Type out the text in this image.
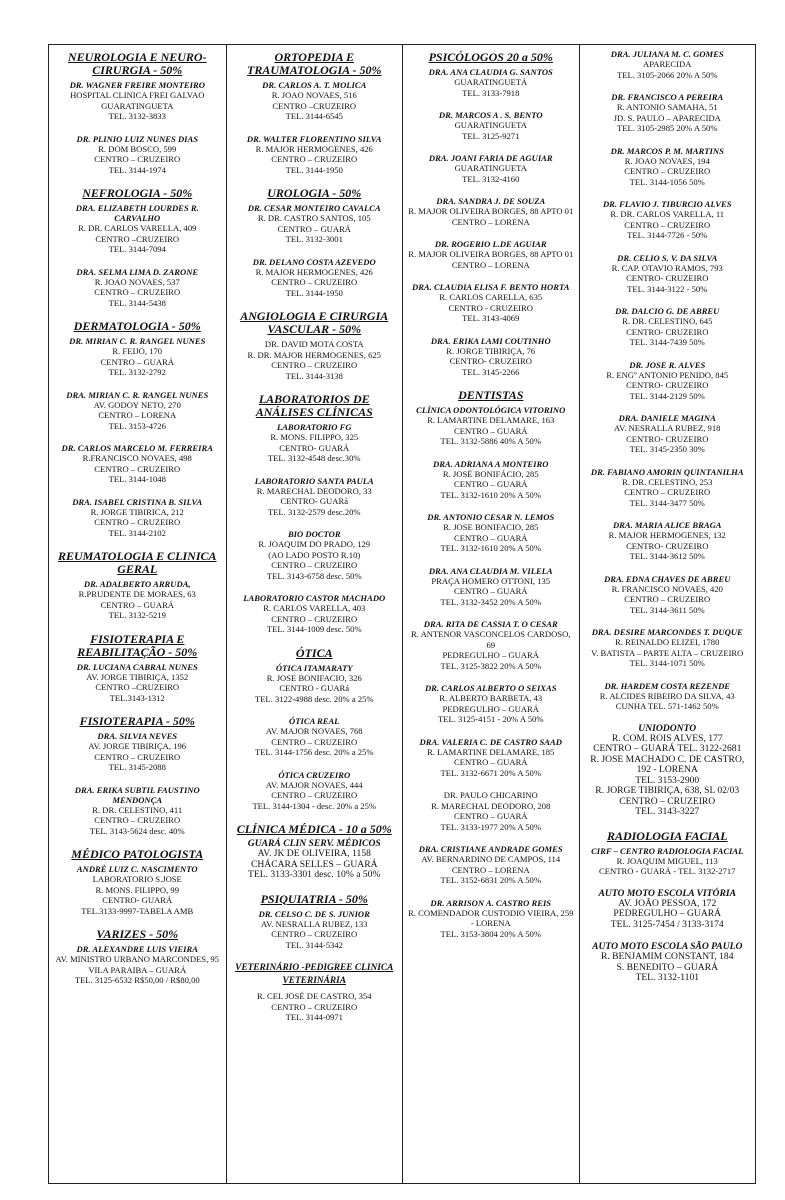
NEUROLOGIA E NEURO-CIRURGIA - 50%
DR. WAGNER FREIRE MONTEIRO
HOSPITAL CLINICA FREI GALVAO
GUARATINGUETA
TEL. 3132-3833
DR. PLINIO LUIZ NUNES DIAS
R. DOM BOSCO, 599
CENTRO – CRUZEIRO
TEL. 3144-1974
NEFROLOGIA - 50%
DRA. ELIZABETH LOURDES R. CARVALHO
R. DR. CARLOS VARELLA, 409
CENTRO –CRUZEIRO
TEL. 3144-7094
DRA. SELMA LIMA D. ZARONE
R. JOAO NOVAES, 537
CENTRO – CRUZEIRO
TEL. 3144-5438
DERMATOLOGIA - 50%
DR. MIRIAN C. R. RANGEL NUNES
R. FEIJO, 170
CENTRO – GUARÁ
TEL. 3132-2792
DRA. MIRIAN C. R. RANGEL NUNES
AV. GODOY NETO, 270
CENTRO – LORENA
TEL. 3153-4726
DR. CARLOS MARCELO M. FERREIRA
R.FRANCISCO NOVAES, 498
CENTRO – CRUZEIRO
TEL. 3144-1048
DRA. ISABEL CRISTINA B. SILVA
R. JORGE TIBIRICA, 212
CENTRO – CRUZEIRO
TEL. 3144-2102
REUMATOLOGIA E CLINICA GERAL
DR. ADALBERTO ARRUDA,
R.PRUDENTE DE MORAES, 63
CENTRO – GUARÁ
TEL. 3132-5219
FISIOTERAPIA E REABILITAÇÃO - 50%
DR. LUCIANA CABRAL NUNES
AV. JORGE TIBIRIÇA, 1352
CENTRO –CRUZEIRO
TEL.3143-1312
FISIOTERAPIA - 50%
DRA. SILVIA NEVES
AV. JORGE TIBIRIÇA, 196
CENTRO – CRUZEIRO
TEL. 3145-2088
DRA. ERIKA SUBTIL FAUSTINO MENDONÇA
R. DR. CELESTINO, 411
CENTRO – CRUZEIRO
TEL. 3143-5624 desc. 40%
MÉDICO PATOLOGISTA
ANDRÉ LUIZ C. NASCIMENTO
LABORATORIO S.JOSE
R. MONS. FILIPPO, 99
CENTRO- GUARÁ
TEL.3133-9997-TABELA AMB
VARIZES - 50%
DR. ALEXANDRE LUIS VIEIRA
AV. MINISTRO URBANO MARCONDES, 95
VILA PARAIBA – GUARÁ
TEL. 3125-6532 R$50,00 / R$80,00
ORTOPEDIA E TRAUMATOLOGIA - 50%
DR. CARLOS A. T. MOLICA
R. JOAO NOVAES, 516
CENTRO –CRUZEIRO
TEL. 3144-6545
DR. WALTER FLORENTINO SILVA
R. MAJOR HERMOGENES, 426
CENTRO – CRUZEIRO
TEL. 3144-1950
UROLOGIA - 50%
DR. CESAR MONTEIRO CAVALCA
R. DR. CASTRO SANTOS, 105
CENTRO – GUARÁ
TEL. 3132-3001
DR. DELANO COSTA AZEVEDO
R. MAJOR HERMOGENES, 426
CENTRO – CRUZEIRO
TEL. 3144-1950
ANGIOLOGIA E CIRURGIA VASCULAR - 50%
DR. DAVID MOTA COSTA
R. DR. MAJOR HERMOGENES, 625
CENTRO – CRUZEIRO
TEL. 3144-3138
LABORATORIOS DE ANÁLISES CLÍNICAS
LABORATORIO FG
R. MONS. FILIPPO, 325
CENTRO- GUARÁ
TEL. 3132-4548 desc.30%
LABORATORIO SANTA PAULA
R. MARECHAL DEODORO, 33
CENTRO- GUARá
TEL. 3132-2579 desc.20%
BIO DOCTOR
R. JOAQUIM DO PRADO, 129
(AO LADO POSTO R.10)
CENTRO – CRUZEIRO
TEL. 3143-6758 desc. 50%
LABORATORIO CASTOR MACHADO
R. CARLOS VARELLA, 403
CENTRO – CRUZEIRO
TEL. 3144-1009 desc. 50%
ÓTICA
ÓTICA ITAMARATY
R. JOSE BONIFACIO, 326
CENTRO - GUARá
TEL. 3122-4988 desc. 20% a 25%
ÓTICA REAL
AV. MAJOR NOVAES, 768
CENTRO – CRUZEIRO
TEL. 3144-1756 desc. 20% a 25%
ÓTICA CRUZEIRO
AV. MAJOR NOVAES, 444
CENTRO – CRUZEIRO
TEL. 3144-1304 - desc. 20% a 25%
CLÍNICA MÉDICA - 10 a 50%
GUARÁ CLIN SERV. MÉDICOS
AV. JK DE OLIVEIRA, 1158
CHÁCARA SELLES – GUARÁ
TEL. 3133-3301 desc. 10% a 50%
PSIQUIATRIA - 50%
DR. CELSO C. DE S. JUNIOR
AV. NESRALLA RUBEZ, 133
CENTRO – CRUZEIRO
TEL. 3144-5342
VETERINÁRIO -PEDIGREE CLINICA VETERINÁRIA
R. CEL JOSÉ DE CASTRO, 354
CENTRO – CRUZEIRO
TEL. 3144-0971
PSICÓLOGOS 20 a 50%
DRA. ANA CLAUDIA G. SANTOS
GUARATINGUETÁ
TEL. 3133-7918
DR. MARCOS A . S. BENTO
GUARATINGUETA
TEL. 3125-9271
DRA. JOANI FARIA DE AGUIAR
GUARATINGUETA
TEL. 3132-4160
DRA. SANDRA J. DE SOUZA
R. MAJOR OLIVEIRA BORGES, 88 APTO 01
CENTRO – LORENA
DR. ROGERIO L.DE AGUIAR
R. MAJOR OLIVEIRA BORGES, 88 APTO 01
CENTRO – LORENA
DRA. CLAUDIA ELISA F. BENTO HORTA
R. CARLOS CARELLA, 635
CENTRO - CRUZEIRO
TEL. 3143-4069
DRA. ERIKA LAMI COUTINHO
R. JORGE TIBIRIÇA, 76
CENTRO- CRUZEIRO
TEL. 3145-2266
DENTISTAS
CLÍNICA ODONTOLÓGICA VITORINO
R. LAMARTINE DELAMARE, 163
CENTRO – GUARÁ
TEL. 3132-5886 40% A 50%
DRA. ADRIANA A MONTEIRO
R. JOSÉ BONIFÁCIO, 285
CENTRO – GUARÁ
TEL. 3132-1610 20% A 50%
DR. ANTONIO CESAR N. LEMOS
R. JOSE BONIFACIO, 285
CENTRO – GUARÁ
TEL. 3132-1610 20% A 50%
DRA. ANA CLAUDIA M. VILELA
PRAÇA HOMERO OTTONI, 135
CENTRO – GUARÁ
TEL. 3132-3452 20% A 50%
DRA. RITA DE CASSIA T. O CESAR
R. ANTENOR VASCONCELOS CARDOSO, 69
PEDREGULHO – GUARÁ
TEL. 3125-3822 20% A 50%
DR. CARLOS ALBERTO O SEIXAS
R. ALBERTO BARBETA, 43
PEDREGULHO – GUARÁ
TEL. 3125-4151 - 20% A 50%
DRA. VALERIA C. DE CASTRO SAAD
R. LAMARTINE DELAMARE, 185
CENTRO – GUARÁ
TEL. 3132-6671 20% A 50%
DR. PAULO CHICARINO
R. MARECHAL DEODORO, 208
CENTRO – GUARÁ
TEL. 3133-1977 20% A 50%
DRA. CRISTIANE ANDRADE GOMES
AV. BERNARDINO DE CAMPOS, 114
CENTRO – LORENA
TEL. 3152-6831 20% A 50%
DR. ARRISON A. CASTRO REIS
R. COMENDADOR CUSTODIO VIEIRA, 259 - LORENA
TEL. 3153-3804 20% A 50%
DRA. JULIANA M. C. GOMES
APARECIDA
TEL. 3105-2066 20% A 50%
DR. FRANCISCO A PEREIRA
R. ANTONIO SAMAHA, 51
JD. S. PAULO – APARECIDA
TEL. 3105-2985 20% A 50%
DR. MARCOS P. M. MARTINS
R. JOAO NOVAES, 194
CENTRO – CRUZEIRO
TEL. 3144-1056 50%
DR. FLAVIO J. TIBURCIO ALVES
R. DR. CARLOS VARELLA, 11
CENTRO – CRUZEIRO
TEL. 3144-7726 - 50%
DR. CELIO S. V. DA SILVA
R. CAP. OTAVIO RAMOS, 793
CENTRO- CRUZEIRO
TEL. 3144-3122 - 50%
DR. DALCIO G. DE ABREU
R. DR. CELESTINO, 645
CENTRO- CRUZEIRO
TEL. 3144-7439 50%
DR. JOSE R. ALVES
R. ENGº ANTONIO PENIDO, 845
CENTRO- CRUZEIRO
TEL. 3144-2129 50%
DRA. DANIELE MAGINA
AV. NESRALLA RUBEZ, 918
CENTRO- CRUZEIRO
TEL. 3145-2350 30%
DR. FABIANO AMORIN QUINTANILHA
R. DR. CELESTINO, 253
CENTRO – CRUZEIRO
TEL. 3144-3477 50%
DRA. MARIA ALICE BRAGA
R. MAJOR HERMOGENES, 132
CENTRO- CRUZEIRO
TEL. 3144-3612 50%
DRA. EDNA CHAVES DE ABREU
R. FRANCISCO NOVAES, 420
CENTRO – CRUZEIRO
TEL. 3144-3611 50%
DRA. DESIRE MARCONDES T. DUQUE
R. REINALDO ELIZEI, 1780
V. BATISTA – PARTE ALTA – CRUZEIRO TEL. 3144-1071 50%
DR. HARDEM COSTA REZENDE
R. ALCIDES RIBEIRO DA SILVA, 43
CUNHA TEL. 571-1462 50%
UNIODONTO
R. COM. ROIS ALVES, 177
CENTRO – GUARÁ TEL. 3122-2681
R. JOSE MACHADO C. DE CASTRO, 192 - LORENA
TEL. 3153-2900
R. JORGE TIBIRIÇA, 638, SL 02/03
CENTRO – CRUZEIRO
TEL. 3143-3227
RADIOLOGIA FACIAL
CIRF – CENTRO RADIOLOGIA FACIAL
R. JOAQUIM MIGUEL, 113
CENTRO - GUARÁ - TEL. 3132-2717
AUTO MOTO ESCOLA VITÓRIA
AV. JOÃO PESSOA, 172
PEDREGULHO – GUARÁ
TEL. 3125-7454 / 3133-3174
AUTO MOTO ESCOLA SÃO PAULO
R. BENJAMIM CONSTANT, 184
S. BENEDITO – GUARÁ
TEL. 3132-1101
